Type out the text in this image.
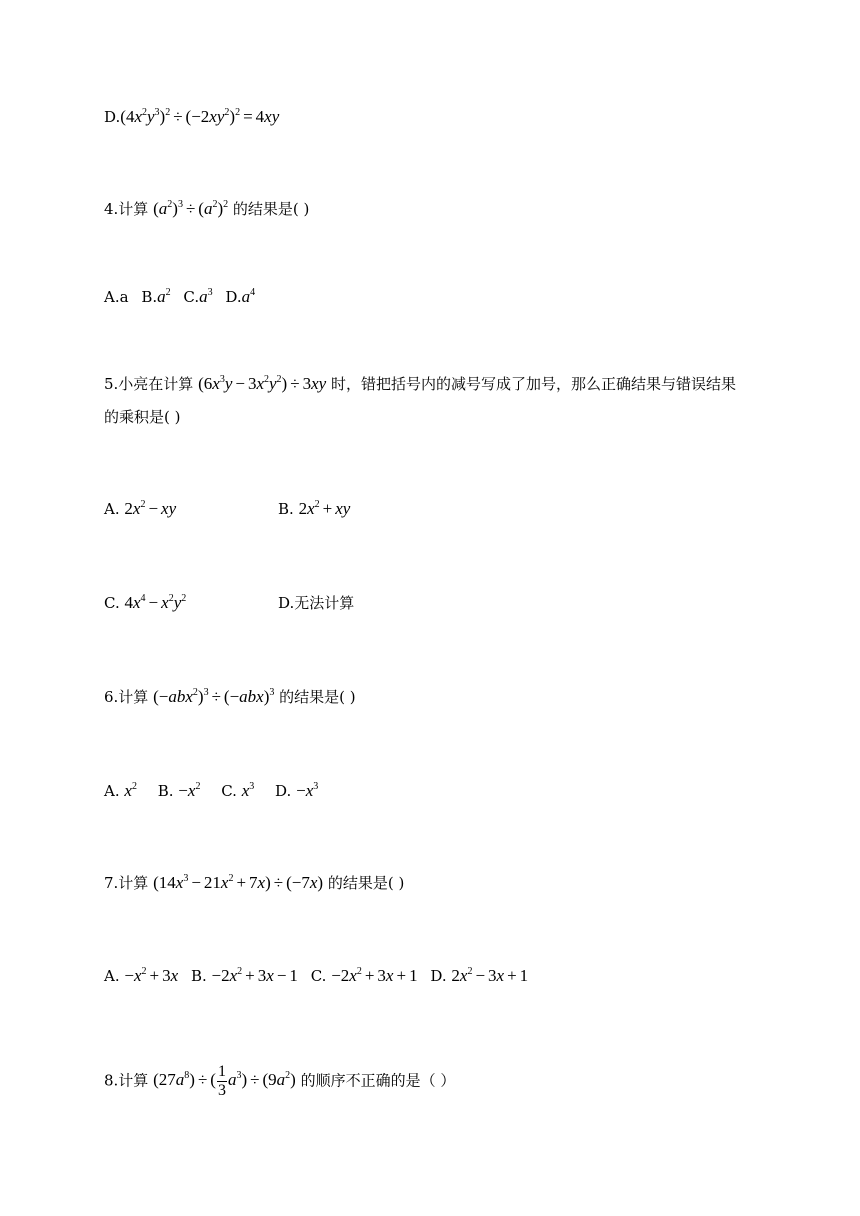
$D.(4x^2y^3)^2 \div (-2xy^2)^2 = 4xy$
4.计算 $(a^2)^3 \div (a^2)^2$ 的结果是( )
A.a $B.a^2$ $C.a^3$ $D.a^4$
5.小亮在计算 $(6x^3y - 3x^2y^2) \div 3xy$ 时，错把括号内的减号写成了加号，那么正确结果与错误结果
的乘积是( )
A. $2x^2$ − xy	B. $2x^2$ + xy
C. $4x^4 - x^2y^2$	D.无法计算
6.计算 $(-abx^2)^3 \div (-abx)^3$ 的结果是( )
A. $x^2$ B. $-x^2$ C. $x^3$ D. $-x^3$
7.计算 $(14x^3 - 21x^2 + 7x) \div (-7x)$ 的结果是( )
A. $-x^2 + 3x$ B. $-2x^2 + 3x - 1$ C. $-2x^2 + 3x + 1$ D. $2x^2 - 3x + 1$
8.计算 $(27a^8)$ ÷ ( $\frac{1}{3} a^3) \div (9a^2)$ 的顺序不正确的是（ ）
